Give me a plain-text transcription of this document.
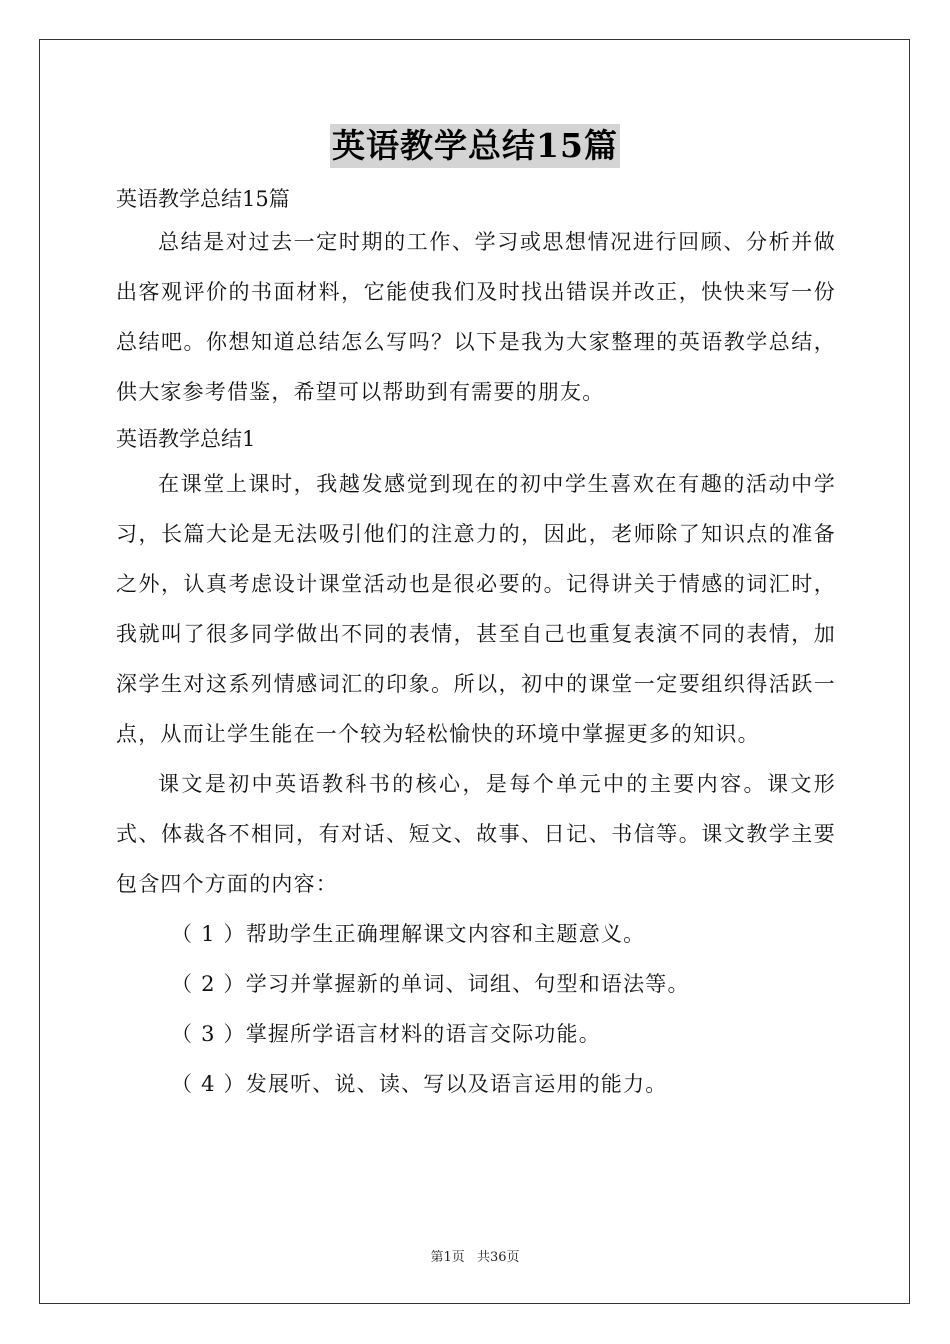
英语教学总结15篇

英语教学总结15篇

总结是对过去一定时期的工作、学习或思想情况进行回顾、分析并做出客观评价的书面材料，它能使我们及时找出错误并改正，快快来写一份总结吧。你想知道总结怎么写吗？以下是我为大家整理的英语教学总结，供大家参考借鉴，希望可以帮助到有需要的朋友。

英语教学总结1

在课堂上课时，我越发感觉到现在的初中学生喜欢在有趣的活动中学习，长篇大论是无法吸引他们的注意力的，因此，老师除了知识点的准备之外，认真考虑设计课堂活动也是很必要的。记得讲关于情感的词汇时，我就叫了很多同学做出不同的表情，甚至自己也重复表演不同的表情，加深学生对这系列情感词汇的印象。所以，初中的课堂一定要组织得活跃一点，从而让学生能在一个较为轻松愉快的环境中掌握更多的知识。

课文是初中英语教科书的核心，是每个单元中的主要内容。课文形式、体裁各不相同，有对话、短文、故事、日记、书信等。课文教学主要包含四个方面的内容：

（ 1 ）帮助学生正确理解课文内容和主题意义。

（ 2 ）学习并掌握新的单词、词组、句型和语法等。

（ 3 ）掌握所学语言材料的语言交际功能。

（ 4 ）发展听、说、读、写以及语言运用的能力。

第1页 共36页
